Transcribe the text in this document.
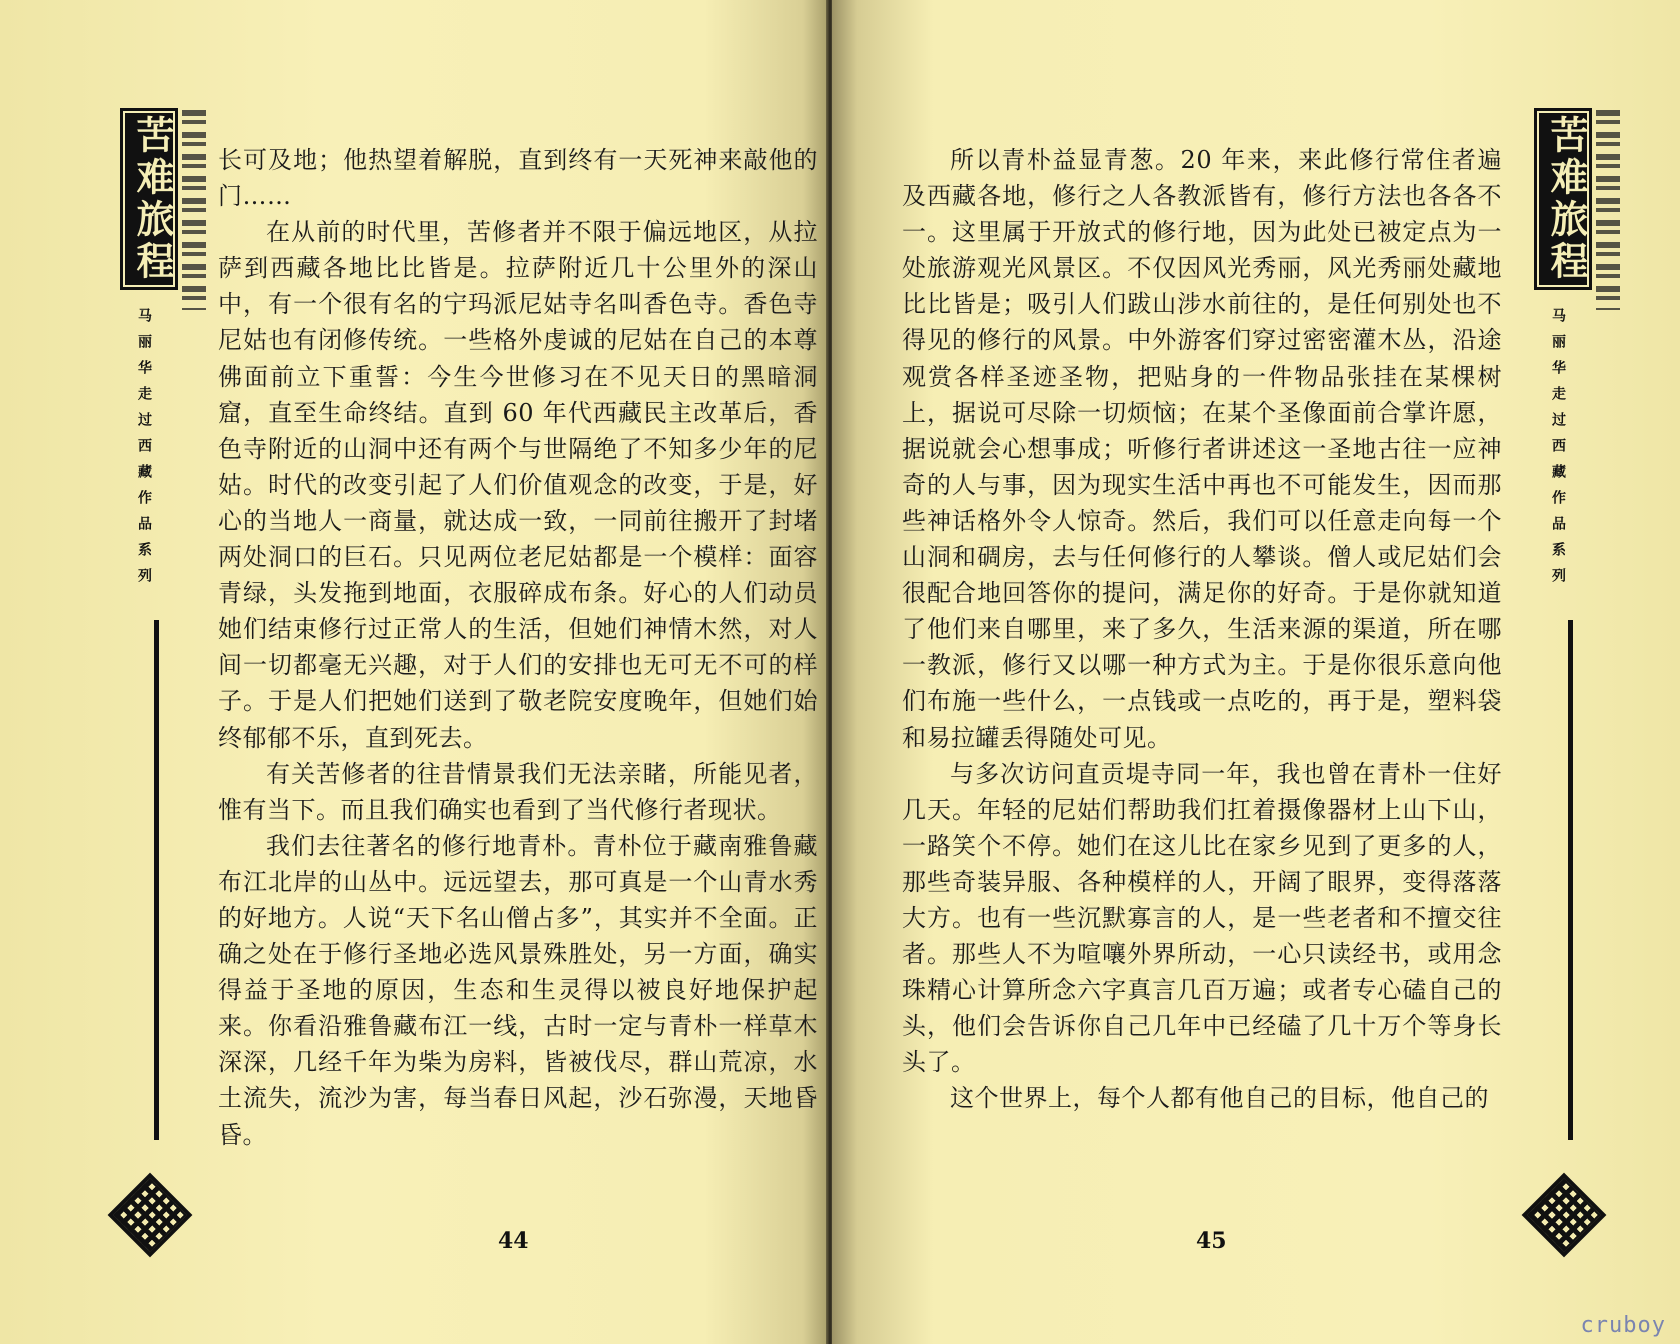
苦难旅程
马丽华走过西藏作品系列

长可及地；他热望着解脱，直到终有一天死神来敲他的门……

在从前的时代里，苦修者并不限于偏远地区，从拉萨到西藏各地比比皆是。拉萨附近几十公里外的深山中，有一个很有名的宁玛派尼姑寺名叫香色寺。香色寺尼姑也有闭修传统。一些格外虔诚的尼姑在自己的本尊佛面前立下重誓：今生今世修习在不见天日的黑暗洞窟，直至生命终结。直到 60 年代西藏民主改革后，香色寺附近的山洞中还有两个与世隔绝了不知多少年的尼姑。时代的改变引起了人们价值观念的改变，于是，好心的当地人一商量，就达成一致，一同前往搬开了封堵两处洞口的巨石。只见两位老尼姑都是一个模样：面容青绿，头发拖到地面，衣服碎成布条。好心的人们动员她们结束修行过正常人的生活，但她们神情木然，对人间一切都毫无兴趣，对于人们的安排也无可无不可的样子。于是人们把她们送到了敬老院安度晚年，但她们始终郁郁不乐，直到死去。

有关苦修者的往昔情景我们无法亲睹，所能见者，惟有当下。而且我们确实也看到了当代修行者现状。

我们去往著名的修行地青朴。青朴位于藏南雅鲁藏布江北岸的山丛中。远远望去，那可真是一个山青水秀的好地方。人说“天下名山僧占多”，其实并不全面。正确之处在于修行圣地必选风景殊胜处，另一方面，确实得益于圣地的原因，生态和生灵得以被良好地保护起来。你看沿雅鲁藏布江一线，古时一定与青朴一样草木深深，几经千年为柴为房料，皆被伐尽，群山荒凉，水土流失，流沙为害，每当春日风起，沙石弥漫，天地昏昏。

44

所以青朴益显青葱。20 年来，来此修行常住者遍及西藏各地，修行之人各教派皆有，修行方法也各各不一。这里属于开放式的修行地，因为此处已被定点为一处旅游观光风景区。不仅因风光秀丽，风光秀丽处藏地比比皆是；吸引人们跋山涉水前往的，是任何别处也不得见的修行的风景。中外游客们穿过密密灌木丛，沿途观赏各样圣迹圣物，把贴身的一件物品张挂在某棵树上，据说可尽除一切烦恼；在某个圣像面前合掌许愿，据说就会心想事成；听修行者讲述这一圣地古往一应神奇的人与事，因为现实生活中再也不可能发生，因而那些神话格外令人惊奇。然后，我们可以任意走向每一个山洞和碉房，去与任何修行的人攀谈。僧人或尼姑们会很配合地回答你的提问，满足你的好奇。于是你就知道了他们来自哪里，来了多久，生活来源的渠道，所在哪一教派，修行又以哪一种方式为主。于是你很乐意向他们布施一些什么，一点钱或一点吃的，再于是，塑料袋和易拉罐丢得随处可见。

与多次访问直贡堤寺同一年，我也曾在青朴一住好几天。年轻的尼姑们帮助我们扛着摄像器材上山下山，一路笑个不停。她们在这儿比在家乡见到了更多的人，那些奇装异服、各种模样的人，开阔了眼界，变得落落大方。也有一些沉默寡言的人，是一些老者和不擅交往者。那些人不为喧嚷外界所动，一心只读经书，或用念珠精心计算所念六字真言几百万遍；或者专心磕自己的头，他们会告诉你自己几年中已经磕了几十万个等身长头了。

这个世界上，每个人都有他自己的目标，他自己的

苦难旅程
马丽华走过西藏作品系列
45
cruboy
